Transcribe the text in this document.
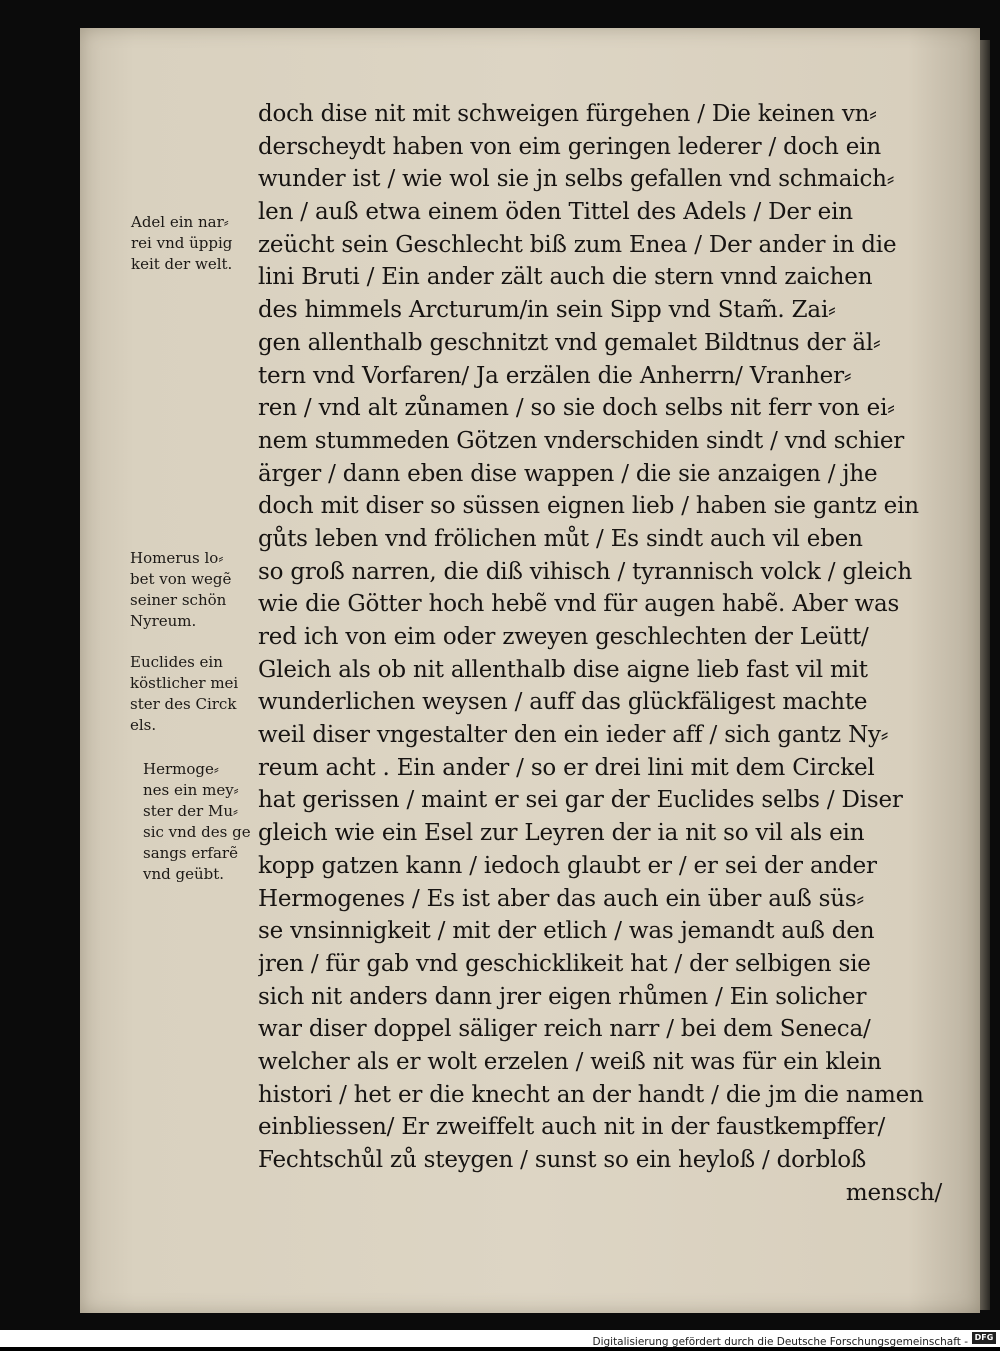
doch dise nit mit schweigen fürgehen / Die keinen vn⸗
derscheydt haben von eim geringen lederer / doch ein
wunder ist / wie wol sie jn selbs gefallen vnd schmaich⸗
len / auß etwa einem öden Tittel des Adels / Der ein
zeücht sein Geschlecht biß zum Enea / Der ander in die
lini Bruti / Ein ander zält auch die stern vnnd zaichen
des himmels Arcturum/in sein Sipp vnd Stam̃. Zai⸗
gen allenthalb geschnitzt vnd gemalet Bildtnus der äl⸗
tern vnd Vorfaren/ Ja erzälen die Anherrn/ Vranher⸗
ren / vnd alt zůnamen / so sie doch selbs nit ferr von ei⸗
nem stummeden Götzen vnderschiden sindt / vnd schier
ärger / dann eben dise wappen / die sie anzaigen / jhe
doch mit diser so süssen eignen lieb / haben sie gantz ein
gůts leben vnd frölichen můt / Es sindt auch vil eben
so groß narren, die diß vihisch / tyrannisch volck / gleich
wie die Götter hoch hebẽ vnd für augen habẽ. Aber was
red ich von eim oder zweyen geschlechten der Leütt/
Gleich als ob nit allenthalb dise aigne lieb fast vil mit
wunderlichen weysen / auff das glückfäligest machte
weil diser vngestalter den ein ieder aff / sich gantz Ny⸗
reum acht . Ein ander / so er drei lini mit dem Circkel
hat gerissen / maint er sei gar der Euclides selbs / Diser
gleich wie ein Esel zur Leyren der ia nit so vil als ein
kopp gatzen kann / iedoch glaubt er / er sei der ander
Hermogenes / Es ist aber das auch ein über auß süs⸗
se vnsinnigkeit / mit der etlich / was jemandt auß den
jren / für gab vnd geschicklikeit hat / der selbigen sie
sich nit anders dann jrer eigen rhůmen / Ein solicher
war diser doppel säliger reich narr / bei dem Seneca/
welcher als er wolt erzelen / weiß nit was für ein klein
histori / het er die knecht an der handt / die jm die namen
einbliessen/ Er zweiffelt auch nit in der faustkempffer/
Fechtschůl zů steygen / sunst so ein heyloß / dorbloß
mensch/
Adel ein nar⸗
rei vnd üppig
keit der welt.
Homerus lo⸗
bet von wegẽ
seiner schön
Nyreum.
Euclides ein
köstlicher mei
ster des Circk
els.
Hermoge⸗
nes ein mey⸗
ster der Mu⸗
sic vnd des ge
sangs erfarẽ
vnd geübt.
Digitalisierung gefördert durch die Deutsche Forschungsgemeinschaft - DFG
